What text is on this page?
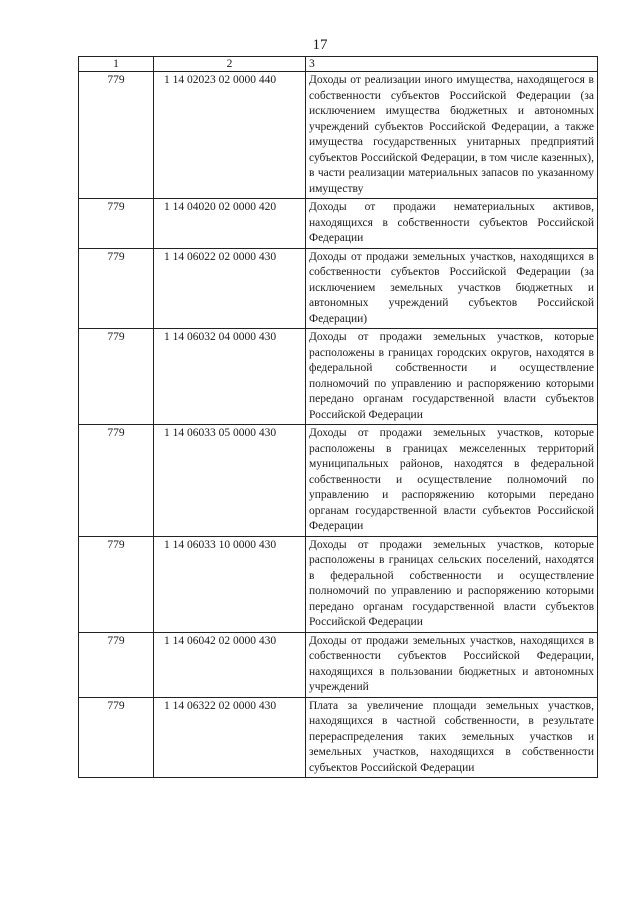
17
1	2	3
779	1 14 02023 02 0000 440	Доходы от реализации иного имущества, находящегося в собственности субъектов Российской Федерации (за исключением имущества бюджетных и автономных учреждений субъектов Российской Федерации, а также имущества государственных унитарных предприятий субъектов Российской Федерации, в том числе казенных), в части реализации материальных запасов по указанному имуществу
779	1 14 04020 02 0000 420	Доходы от продажи нематериальных активов, находящихся в собственности субъектов Российской Федерации
779	1 14 06022 02 0000 430	Доходы от продажи земельных участков, находящихся в собственности субъектов Российской Федерации (за исключением земельных участков бюджетных и автономных учреждений субъектов Российской Федерации)
779	1 14 06032 04 0000 430	Доходы от продажи земельных участков, которые расположены в границах городских округов, находятся в федеральной собственности и осуществление полномочий по управлению и распоряжению которыми передано органам государственной власти субъектов Российской Федерации
779	1 14 06033 05 0000 430	Доходы от продажи земельных участков, которые расположены в границах межселенных территорий муниципальных районов, находятся в федеральной собственности и осуществление полномочий по управлению и распоряжению которыми передано органам государственной власти субъектов Российской Федерации
779	1 14 06033 10 0000 430	Доходы от продажи земельных участков, которые расположены в границах сельских поселений, находятся в федеральной собственности и осуществление полномочий по управлению и распоряжению которыми передано органам государственной власти субъектов Российской Федерации
779	1 14 06042 02 0000 430	Доходы от продажи земельных участков, находящихся в собственности субъектов Российской Федерации, находящихся в пользовании бюджетных и автономных учреждений
779	1 14 06322 02 0000 430	Плата за увеличение площади земельных участков, находящихся в частной собственности, в результате перераспределения таких земельных участков и земельных участков, находящихся в собственности субъектов Российской Федерации
